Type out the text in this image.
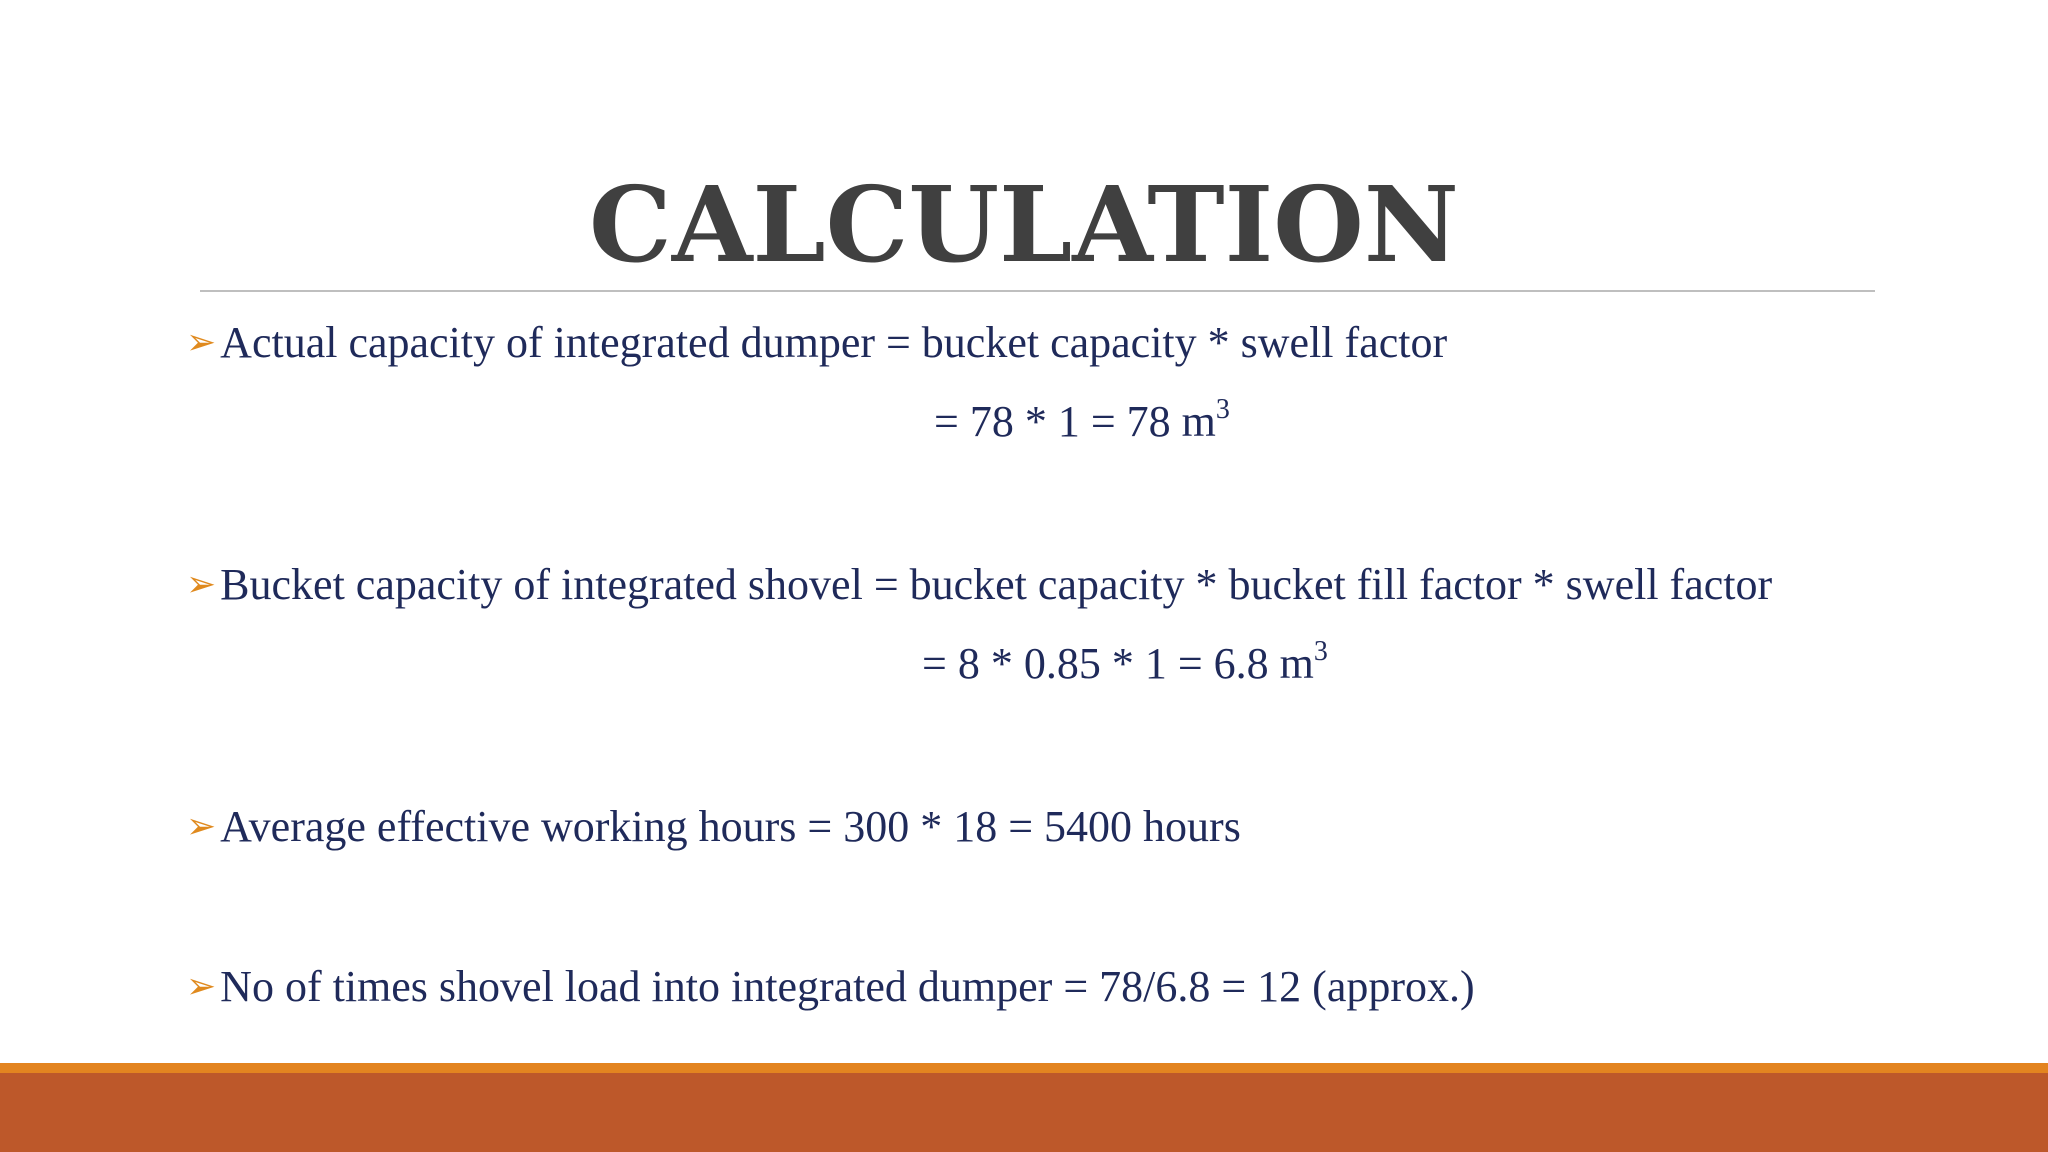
CALCULATION
➢Actual capacity of integrated dumper = bucket capacity * swell factor
= 78 * 1 = 78 $m^3$
➢Bucket capacity of integrated shovel = bucket capacity * bucket fill factor * swell factor
= 8 * 0.85 * 1 = 6.8 $m^3$
➢Average effective working hours = 300 * 18 = 5400 hours
➢No of times shovel load into integrated dumper = 78/6.8 = 12 (approx.)
